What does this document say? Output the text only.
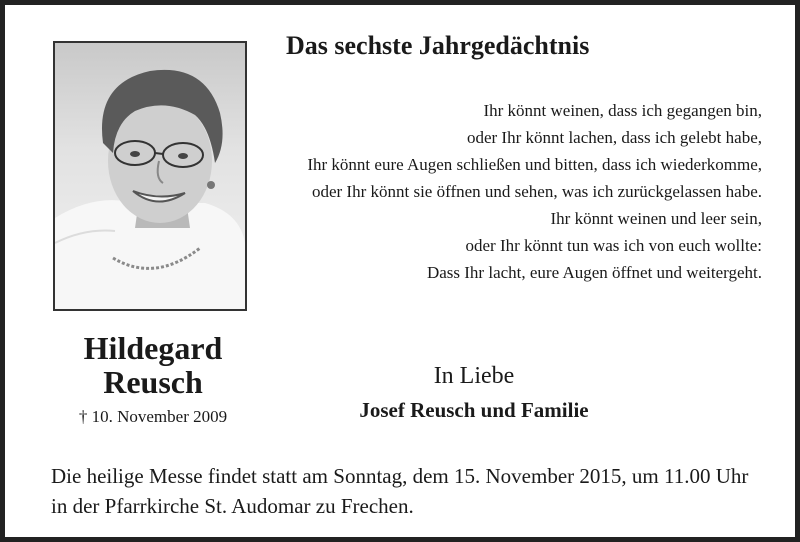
Das sechste Jahrgedächtnis
Ihr könnt weinen, dass ich gegangen bin,
oder Ihr könnt lachen, dass ich gelebt habe,
Ihr könnt eure Augen schließen und bitten, dass ich wiederkomme,
oder Ihr könnt sie öffnen und sehen, was ich zurückgelassen habe.
Ihr könnt weinen und leer sein,
oder Ihr könnt tun was ich von euch wollte:
Dass Ihr lacht, eure Augen öffnet und weitergeht.
Hildegard
Reusch
† 10. November 2009
In Liebe
Josef Reusch und Familie
Die heilige Messe findet statt am Sonntag, dem 15. November 2015, um 11.00 Uhr
in der Pfarrkirche St. Audomar zu Frechen.
